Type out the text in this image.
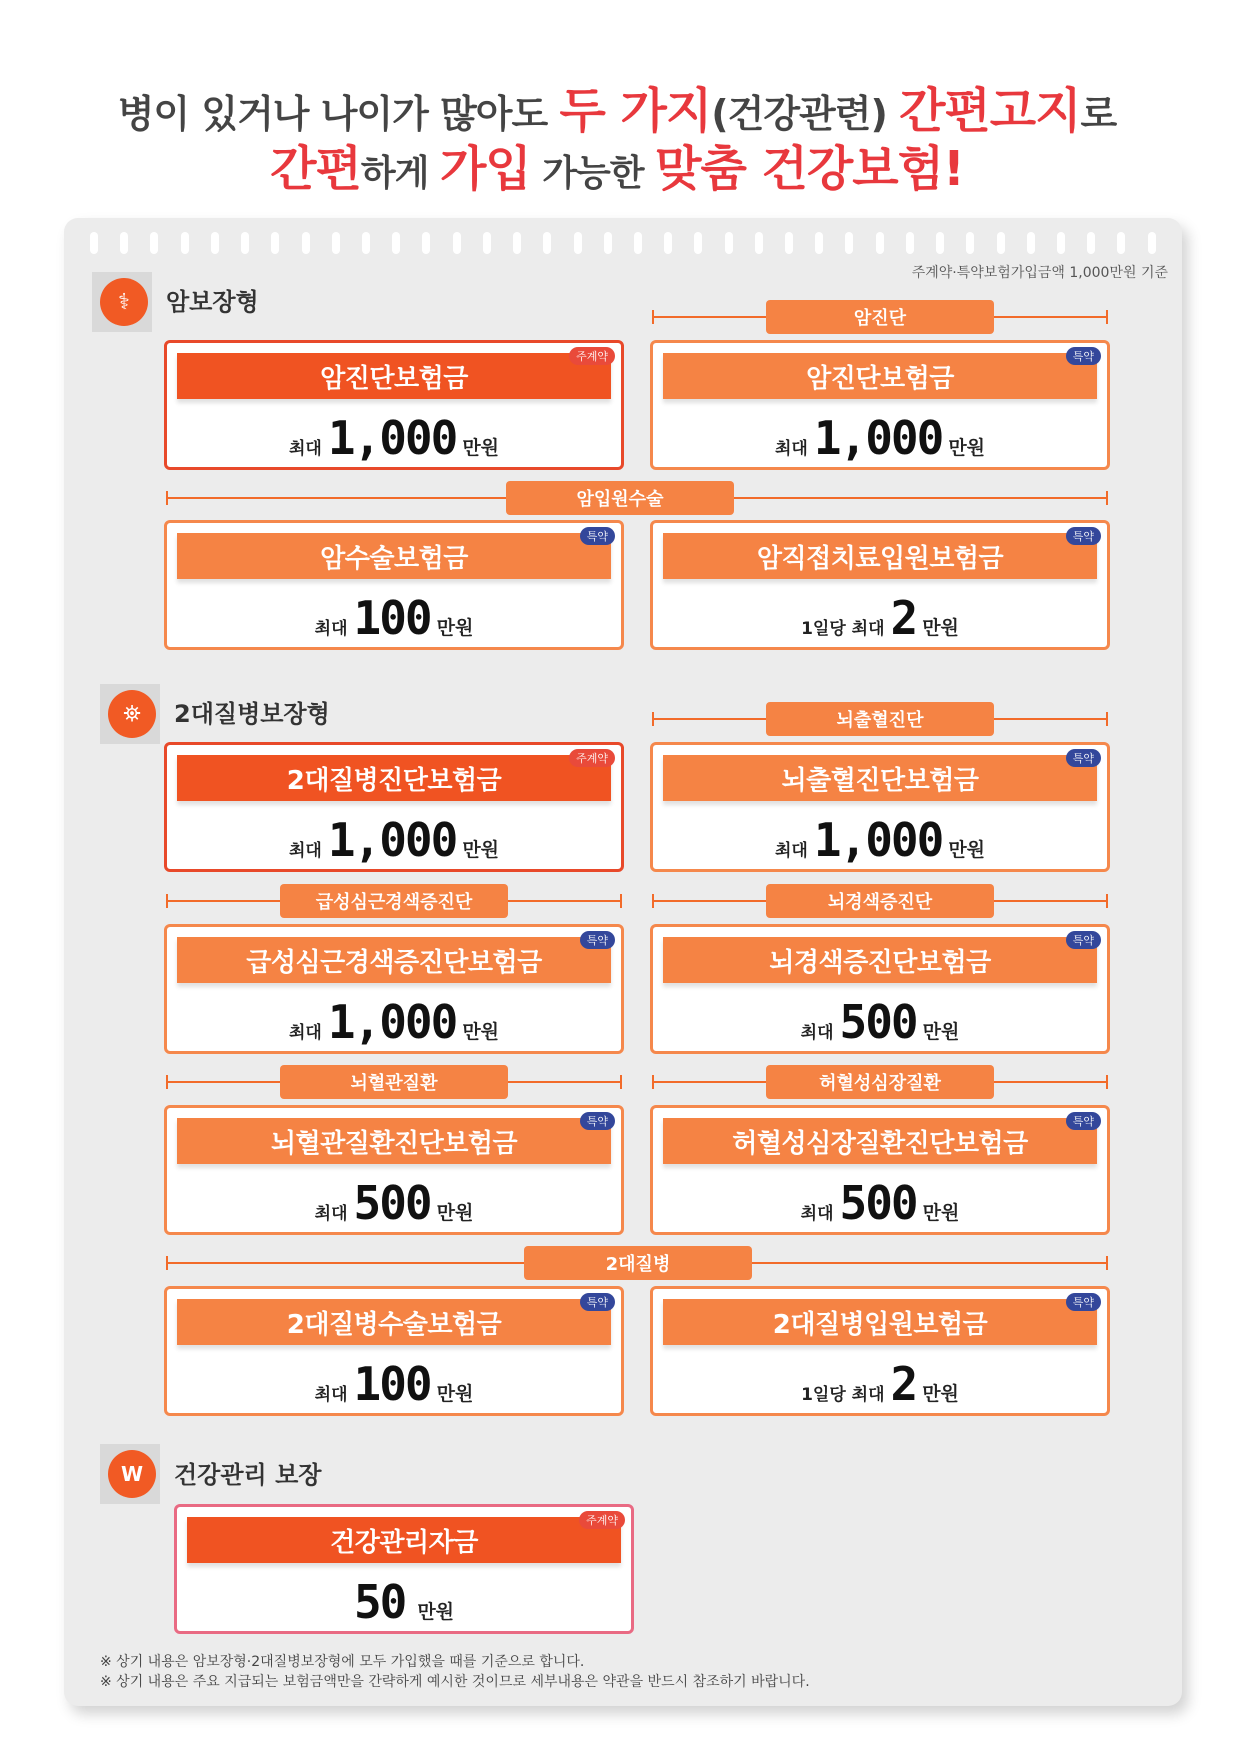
병이 있거나 나이가 많아도 두 가지(건강관련) 간편고지로
간편하게 가입 가능한 맞춤 건강보험!
주계약·특약보험가입금액 1,000만원 기준
⚕	암보장형
암진단
암진단보험금
주계약
최대 1,000 만원
암진단보험금
특약
최대 1,000 만원
암입원수술
암수술보험금
특약
최대 100 만원
암직접치료입원보험금
특약
1일당 최대 2 만원
⛯	2대질병보장형	뇌출혈진단
2대질병진단보험금
주계약
최대 1,000 만원
뇌출혈진단보험금
특약
최대 1,000 만원
급성심근경색증진단	뇌경색증진단
급성심근경색증진단보험금
특약
최대 1,000 만원
뇌경색증진단보험금
특약
최대 500 만원
뇌혈관질환	허혈성심장질환
뇌혈관질환진단보험금
특약
최대 500 만원
허혈성심장질환진단보험금
특약
최대 500 만원
2대질병
2대질병수술보험금
특약
최대 100 만원
2대질병입원보험금
특약
1일당 최대 2 만원
W	건강관리 보장
건강관리자금
주계약
50 만원
※ 상기 내용은 암보장형·2대질병보장형에 모두 가입했을 때를 기준으로 합니다.
※ 상기 내용은 주요 지급되는 보험금액만을 간략하게 예시한 것이므로 세부내용은 약관을 반드시 참조하기 바랍니다.
